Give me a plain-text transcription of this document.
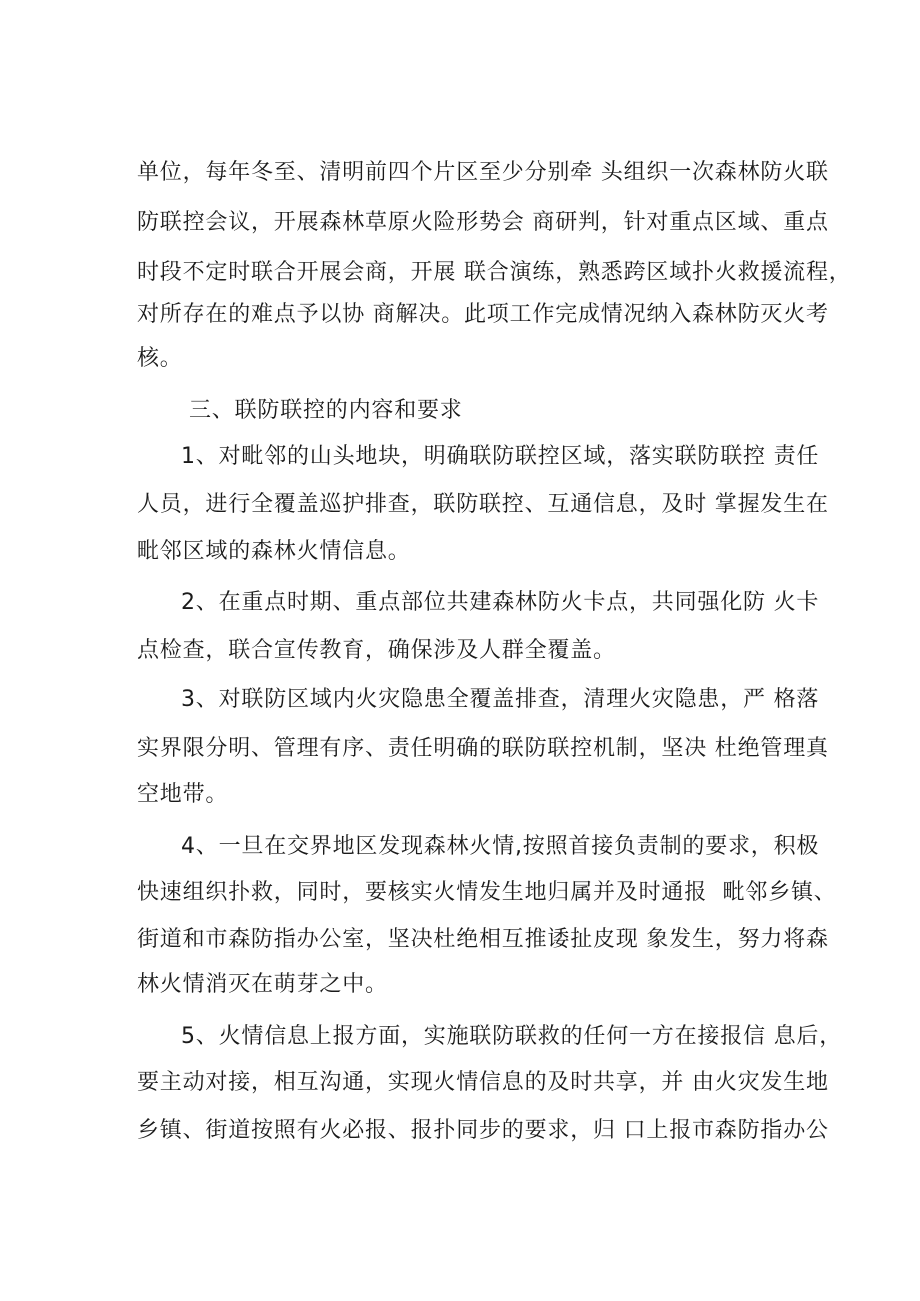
单位，每年冬至、清明前四个片区至少分别牵 头组织一次森林防火联
防联控会议，开展森林草原火险形势会 商研判，针对重点区域、重点
时段不定时联合开展会商，开展 联合演练，熟悉跨区域扑火救援流程，
对所存在的难点予以协 商解决。此项工作完成情况纳入森林防灭火考
核。
三、联防联控的内容和要求
1、对毗邻的山头地块，明确联防联控区域，落实联防联控 责任
人员，进行全覆盖巡护排查，联防联控、互通信息，及时 掌握发生在
毗邻区域的森林火情信息。
2、在重点时期、重点部位共建森林防火卡点，共同强化防 火卡
点检查，联合宣传教育，确保涉及人群全覆盖。
3、对联防区域内火灾隐患全覆盖排查，清理火灾隐患，严 格落
实界限分明、管理有序、责任明确的联防联控机制，坚决 杜绝管理真
空地带。
4、一旦在交界地区发现森林火情,按照首接负责制的要求，积极
快速组织扑救，同时，要核实火情发生地归属并及时通报  毗邻乡镇、
街道和市森防指办公室，坚决杜绝相互推诿扯皮现 象发生，努力将森
林火情消灭在萌芽之中。
5、火情信息上报方面，实施联防联救的任何一方在接报信 息后，
要主动对接，相互沟通，实现火情信息的及时共享，并 由火灾发生地
乡镇、街道按照有火必报、报扑同步的要求，归 口上报市森防指办公
